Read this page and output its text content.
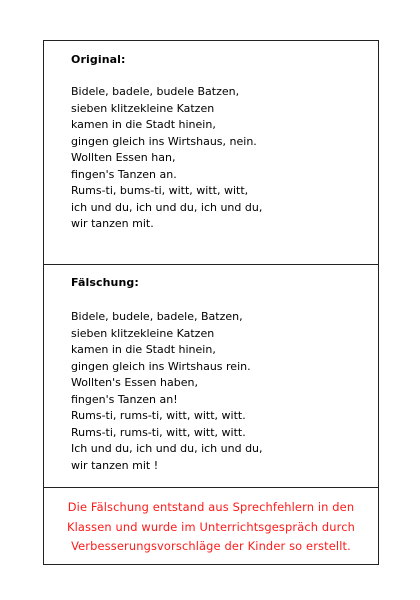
Original:
Bidele, badele, budele Batzen,
sieben klitzekleine Katzen
kamen in die Stadt hinein,
gingen gleich ins Wirtshaus, nein.
Wollten Essen han,
fingen's Tanzen an.
Rums-ti, bums-ti, witt, witt, witt,
ich und du, ich und du, ich und du,
wir tanzen mit.
Fälschung:
Bidele, budele, badele, Batzen,
sieben klitzekleine Katzen
kamen in die Stadt hinein,
gingen gleich ins Wirtshaus rein.
Wollten's Essen haben,
fingen's Tanzen an!
Rums-ti, rums-ti, witt, witt, witt.
Rums-ti, rums-ti, witt, witt, witt.
Ich und du, ich und du, ich und du,
wir tanzen mit !

Die Fälschung entstand aus Sprechfehlern in den Klassen und wurde im Unterrichtsgespräch durch Verbesserungsvorschläge der Kinder so erstellt.
